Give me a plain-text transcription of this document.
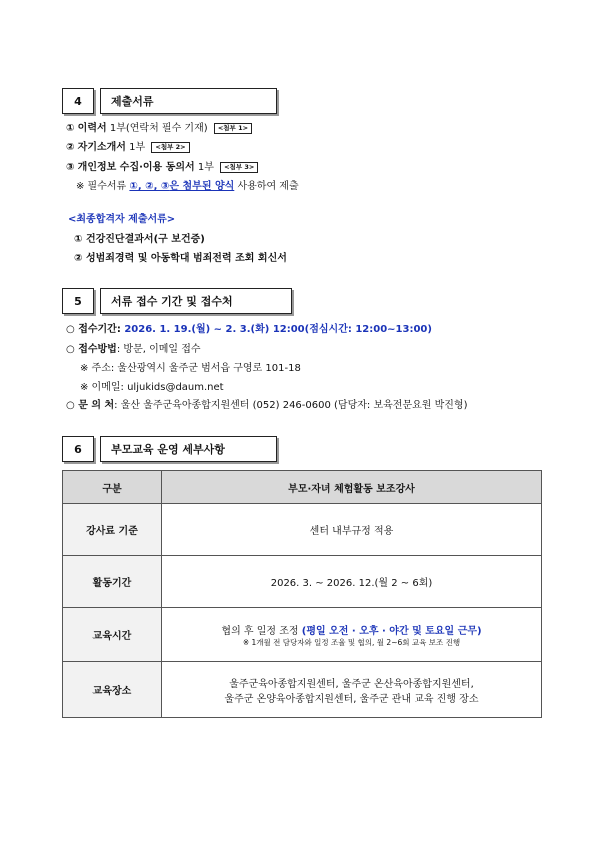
4	제출서류
① 이력서 1부(연락처 필수 기재) <첨부 1>
② 자기소개서 1부 <첨부 2>
③ 개인정보 수집·이용 동의서 1부 <첨부 3>
※ 필수서류 ①, ②, ③은 첨부된 양식 사용하여 제출
<최종합격자 제출서류>
① 건강진단결과서(구 보건증)
② 성범죄경력 및 아동학대 범죄전력 조회 회신서
5	서류 접수 기간 및 접수처
○ 접수기간: 2026. 1. 19.(월) ~ 2. 3.(화) 12:00(점심시간: 12:00~13:00)
○ 접수방법: 방문, 이메일 접수
※ 주소: 울산광역시 울주군 범서읍 구영로 101-18
※ 이메일: uljukids@daum.net
○ 문 의 처: 울산 울주군육아종합지원센터 (052) 246-0600 (담당자: 보육전문요원 박진형)
6	부모교육 운영 세부사항
구분	부모·자녀 체험활동 보조강사
강사료 기준	센터 내부규정 적용
활동기간	2026. 3. ~ 2026. 12.(월 2 ~ 6회)
교육시간	협의 후 일정 조정 (평일 오전 · 오후 · 야간 및 토요일 근무)
※ 1개월 전 담당자와 일정 조율 및 협의, 월 2~6회 교육 보조 진행

교육장소	울주군육아종합지원센터, 울주군 온산육아종합지원센터,
울주군 온양육아종합지원센터, 울주군 관내 교육 진행 장소
